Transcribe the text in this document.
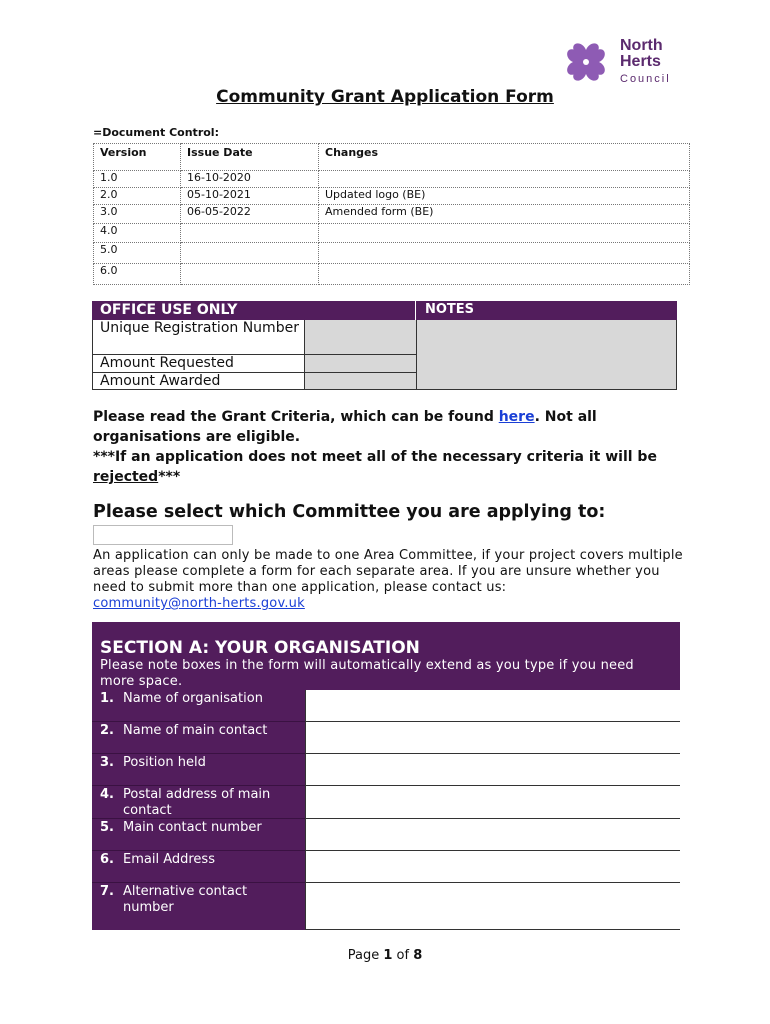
North
Herts
Council
Community Grant Application Form
=Document Control:
Version	Issue Date	Changes
1.0	16-10-2020	
2.0	05-10-2021	Updated logo (BE)
3.0	06-05-2022	Amended form (BE)
4.0		
5.0		
6.0		
OFFICE USE ONLY	NOTES
Unique Registration Number
Amount Requested
Amount Awarded
Please read the Grant Criteria, which can be found here. Not all organisations are eligible.
***If an application does not meet all of the necessary criteria it will be rejected***
Please select which Committee you are applying to:
An application can only be made to one Area Committee, if your project covers multiple areas please complete a form for each separate area. If you are unsure whether you need to submit more than one application, please contact us:
community@north-herts.gov.uk
SECTION A: YOUR ORGANISATION
Please note boxes in the form will automatically extend as you type if you need more space.
1. Name of organisation
2. Name of main contact
3. Position held
4. Postal address of main contact
5. Main contact number
6. Email Address
7. Alternative contact number
Page 1 of 8
